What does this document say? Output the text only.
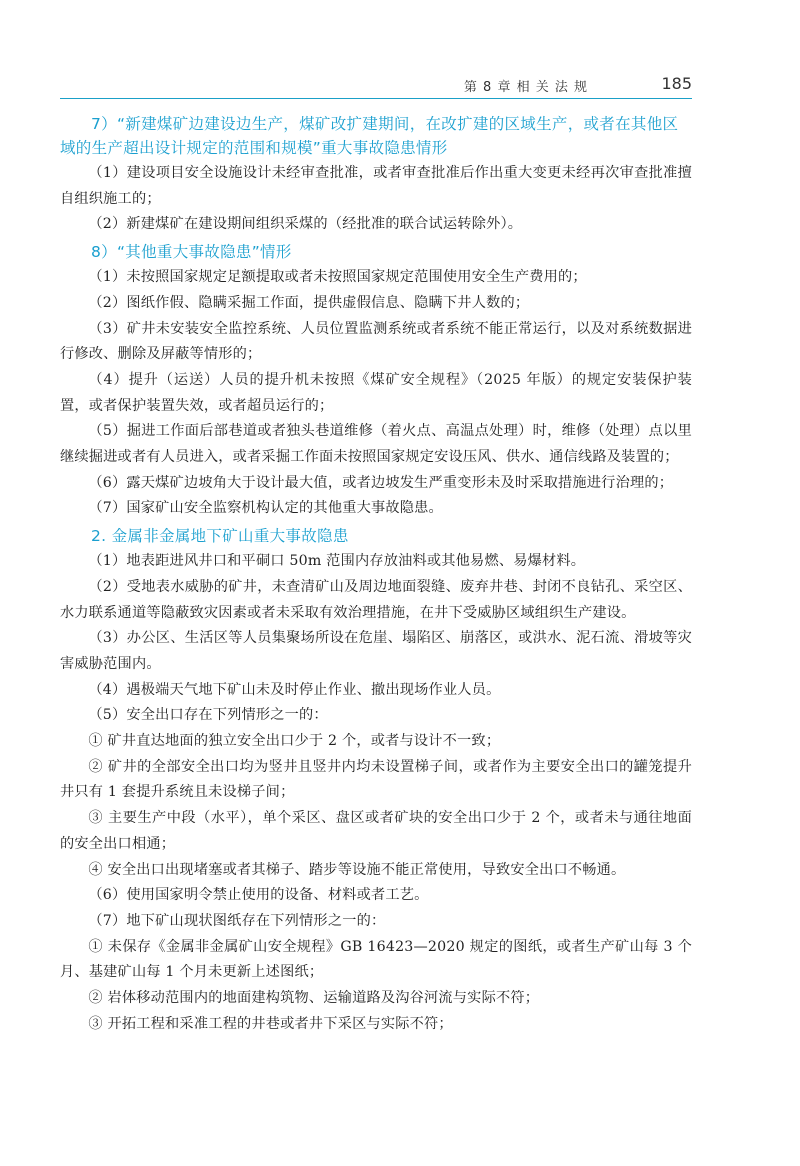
第 8 章 相 关 法 规	185

7）“新建煤矿边建设边生产，煤矿改扩建期间，在改扩建的区域生产，或者在其他区域的生产超出设计规定的范围和规模”重大事故隐患情形

（1）建设项目安全设施设计未经审查批准，或者审查批准后作出重大变更未经再次审查批准擅自组织施工的；

（2）新建煤矿在建设期间组织采煤的（经批准的联合试运转除外）。

8）“其他重大事故隐患”情形

（1）未按照国家规定足额提取或者未按照国家规定范围使用安全生产费用的；

（2）图纸作假、隐瞒采掘工作面，提供虚假信息、隐瞒下井人数的；

（3）矿井未安装安全监控系统、人员位置监测系统或者系统不能正常运行，以及对系统数据进行修改、删除及屏蔽等情形的；

（4）提升（运送）人员的提升机未按照《煤矿安全规程》（2025 年版）的规定安装保护装置，或者保护装置失效，或者超员运行的；

（5）掘进工作面后部巷道或者独头巷道维修（着火点、高温点处理）时，维修（处理）点以里继续掘进或者有人员进入，或者采掘工作面未按照国家规定安设压风、供水、通信线路及装置的；

（6）露天煤矿边坡角大于设计最大值，或者边坡发生严重变形未及时采取措施进行治理的；

（7）国家矿山安全监察机构认定的其他重大事故隐患。

2. 金属非金属地下矿山重大事故隐患

（1）地表距进风井口和平硐口 50m 范围内存放油料或其他易燃、易爆材料。

（2）受地表水威胁的矿井，未查清矿山及周边地面裂缝、废弃井巷、封闭不良钻孔、采空区、水力联系通道等隐蔽致灾因素或者未采取有效治理措施，在井下受威胁区域组织生产建设。

（3）办公区、生活区等人员集聚场所设在危崖、塌陷区、崩落区，或洪水、泥石流、滑坡等灾害威胁范围内。

（4）遇极端天气地下矿山未及时停止作业、撤出现场作业人员。

（5）安全出口存在下列情形之一的：

① 矿井直达地面的独立安全出口少于 2 个，或者与设计不一致；

② 矿井的全部安全出口均为竖井且竖井内均未设置梯子间，或者作为主要安全出口的罐笼提升井只有 1 套提升系统且未设梯子间；

③ 主要生产中段（水平），单个采区、盘区或者矿块的安全出口少于 2 个，或者未与通往地面的安全出口相通；

④ 安全出口出现堵塞或者其梯子、踏步等设施不能正常使用，导致安全出口不畅通。

（6）使用国家明令禁止使用的设备、材料或者工艺。

（7）地下矿山现状图纸存在下列情形之一的：

① 未保存《金属非金属矿山安全规程》GB 16423—2020 规定的图纸，或者生产矿山每 3 个月、基建矿山每 1 个月未更新上述图纸；

② 岩体移动范围内的地面建构筑物、运输道路及沟谷河流与实际不符；

③ 开拓工程和采准工程的井巷或者井下采区与实际不符；
